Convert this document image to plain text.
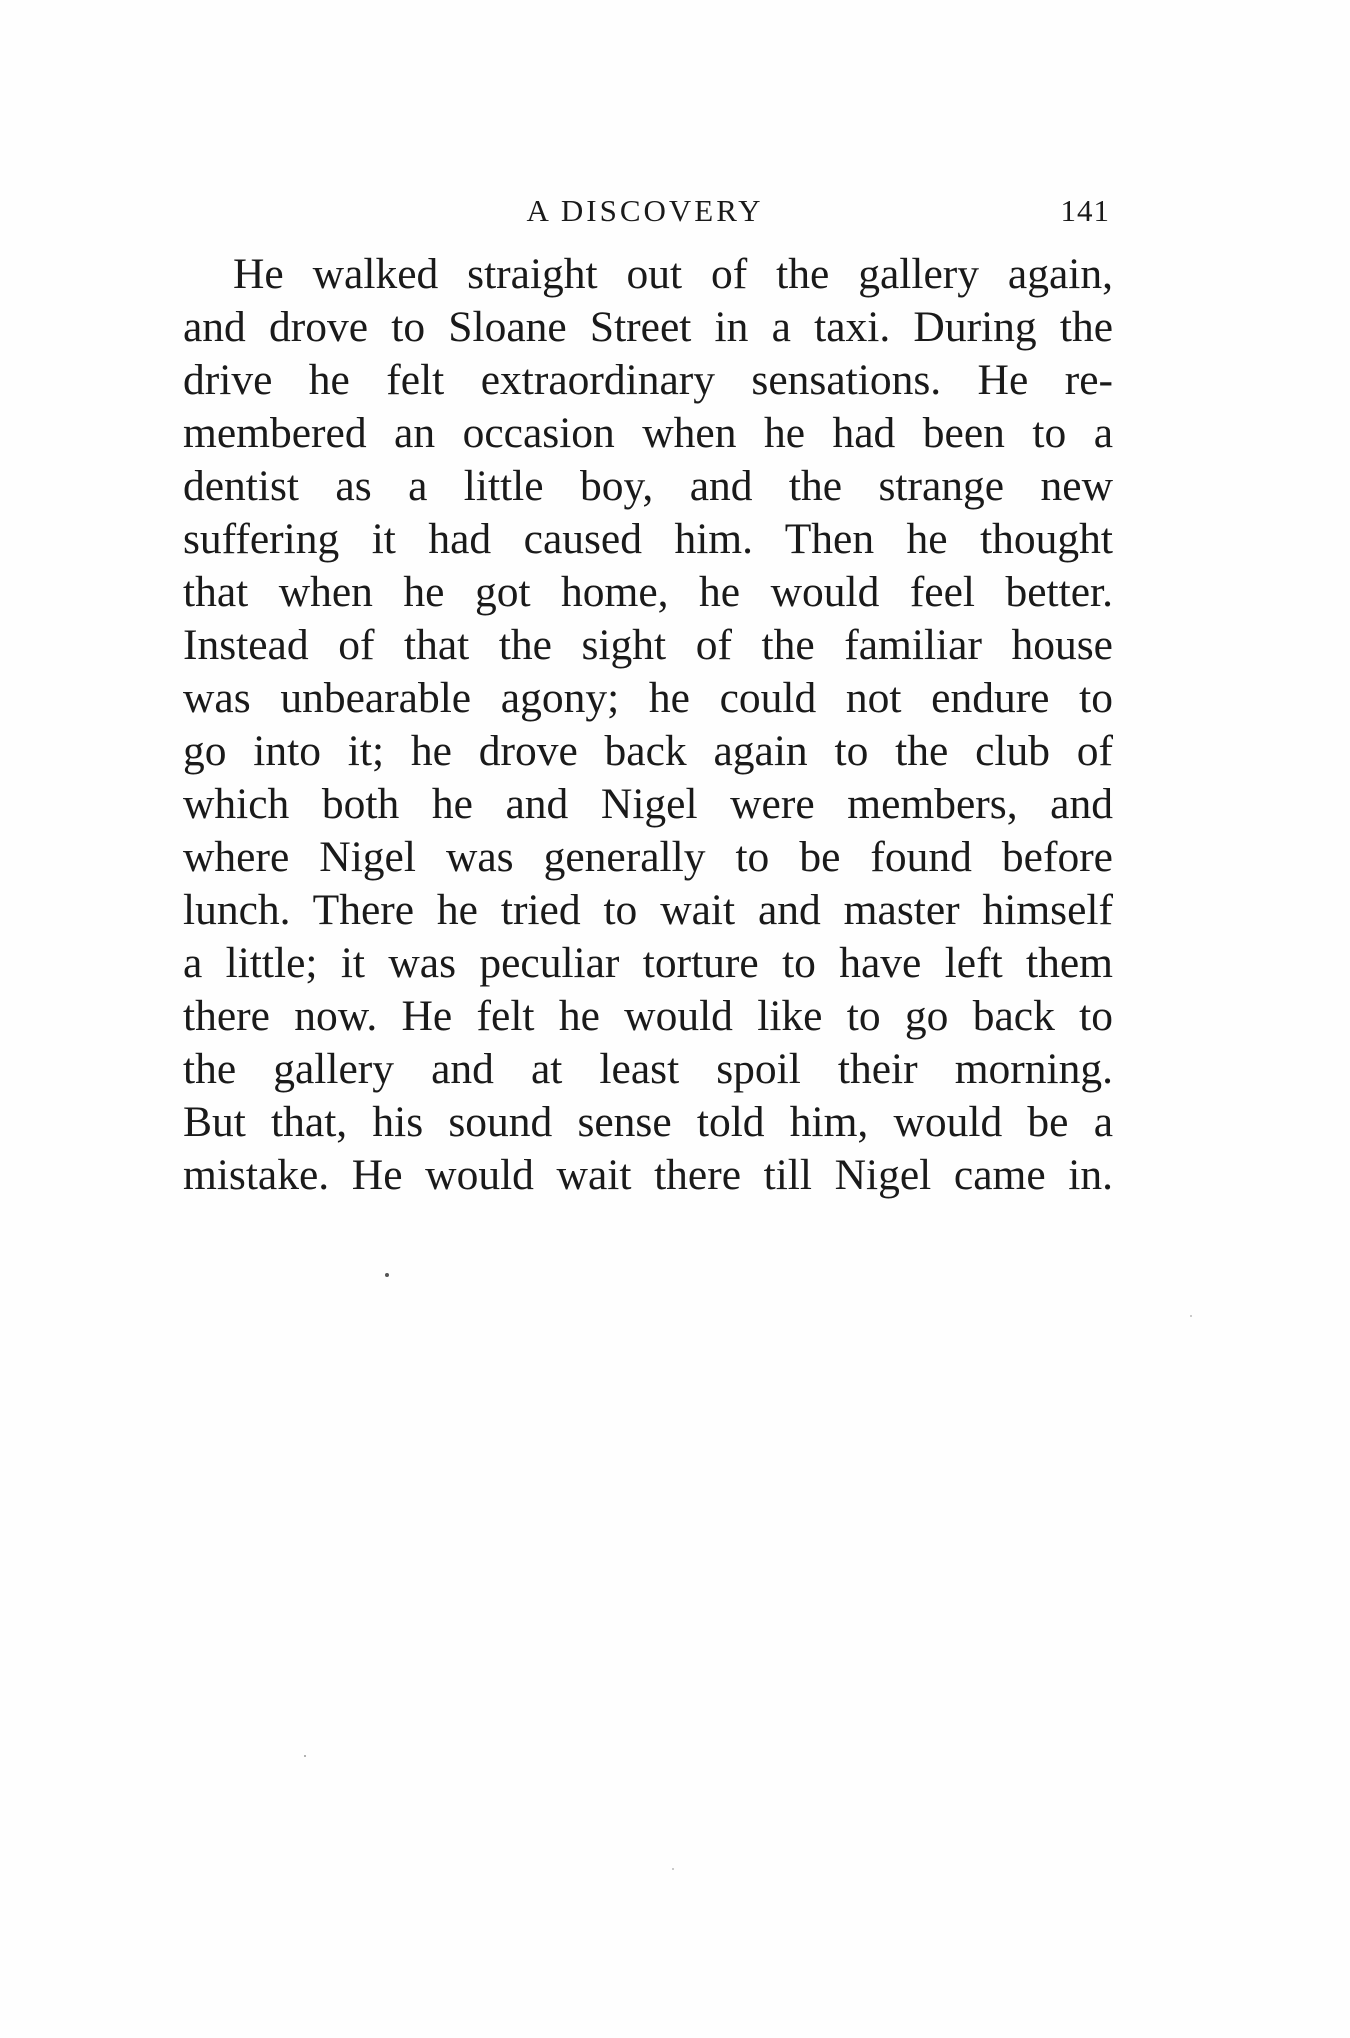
A DISCOVERY	141
He walked straight out of the gallery again,
and drove to Sloane Street in a taxi. During the
drive he felt extraordinary sensations. He re-
membered an occasion when he had been to a
dentist as a little boy, and the strange new
suffering it had caused him. Then he thought
that when he got home, he would feel better.
Instead of that the sight of the familiar house
was unbearable agony; he could not endure to
go into it; he drove back again to the club of
which both he and Nigel were members, and
where Nigel was generally to be found before
lunch. There he tried to wait and master himself
a little; it was peculiar torture to have left them
there now. He felt he would like to go back to
the gallery and at least spoil their morning.
But that, his sound sense told him, would be a
mistake. He would wait there till Nigel came in.
